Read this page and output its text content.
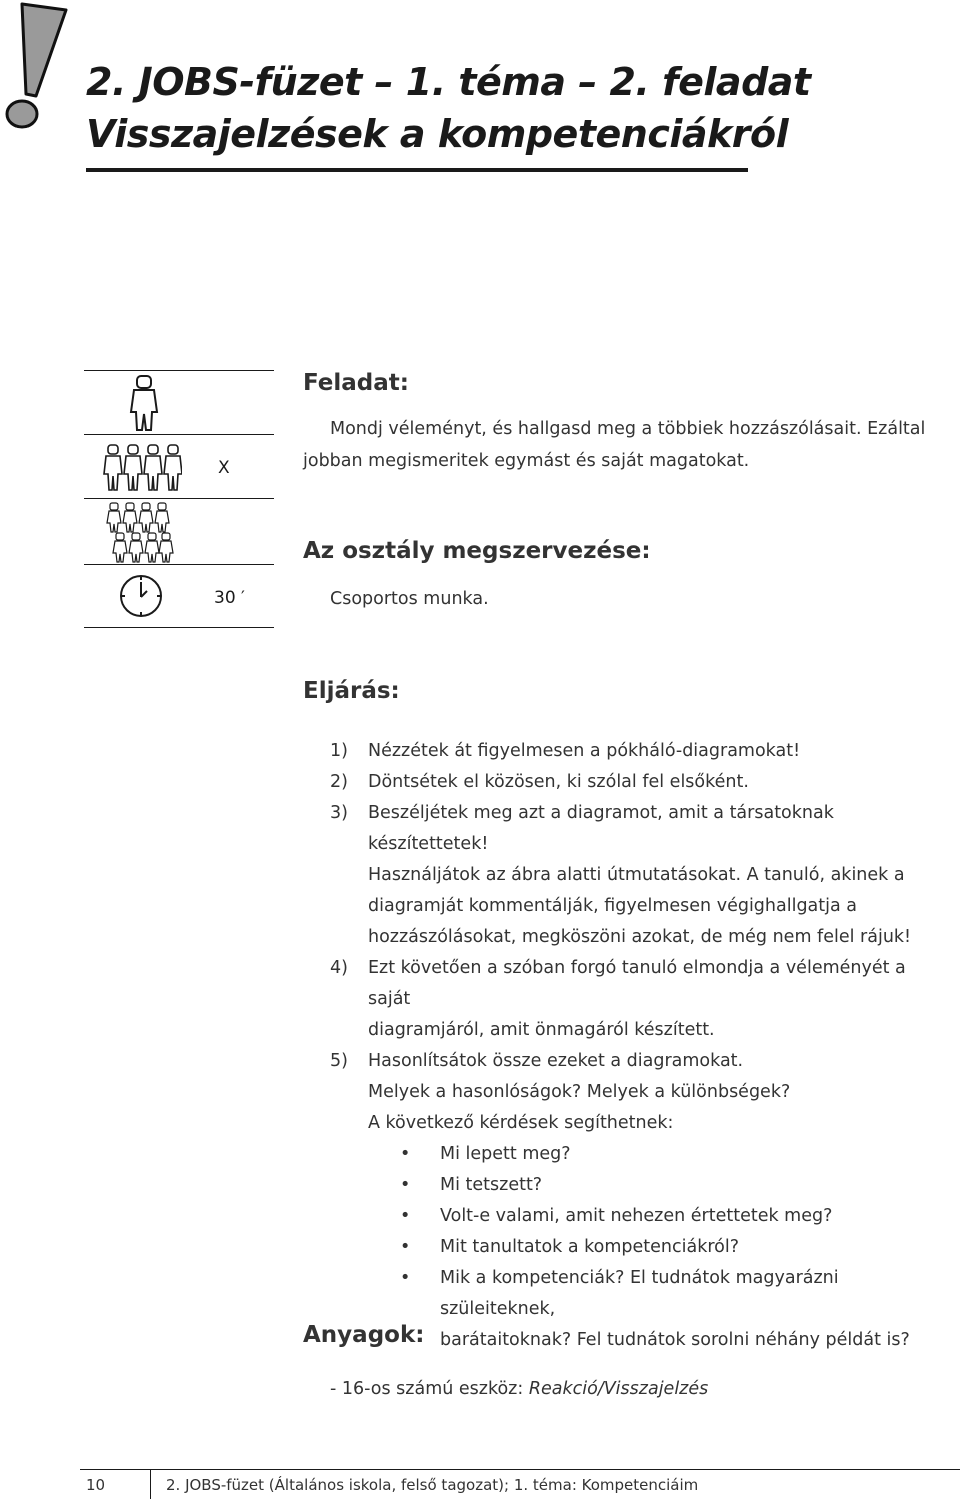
2. JOBS-füzet – 1. téma – 2. feladat
Visszajelzések a kompetenciákról
X
30 ′
Feladat:
Mondj véleményt, és hallgasd meg a többiek hozzászólásait. Ezáltal
jobban megismeritek egymást és saját magatokat.
Az osztály megszervezése:
Csoportos munka.
Eljárás:
1) Nézzétek át figyelmesen a pókháló-diagramokat!
2) Döntsétek el közösen, ki szólal fel elsőként.
3) Beszéljétek meg azt a diagramot, amit a társatoknak készítettetek!
Használjátok az ábra alatti útmutatásokat. A tanuló, akinek a
diagramját kommentálják, figyelmesen végighallgatja a
hozzászólásokat, megköszöni azokat, de még nem felel rájuk!
4) Ezt követően a szóban forgó tanuló elmondja a véleményét a saját
diagramjáról, amit önmagáról készített.
5) Hasonlítsátok össze ezeket a diagramokat.
Melyek a hasonlóságok? Melyek a különbségek?
A következő kérdések segíthetnek:
• Mi lepett meg?
• Mi tetszett?
• Volt-e valami, amit nehezen értettetek meg?
• Mit tanultatok a kompetenciákról?
• Mik a kompetenciák? El tudnátok magyarázni szüleiteknek,
barátaitoknak? Fel tudnátok sorolni néhány példát is?
Anyagok:
- 16-os számú eszköz: Reakció/Visszajelzés
10	2. JOBS-füzet (Általános iskola, felső tagozat); 1. téma: Kompetenciáim
